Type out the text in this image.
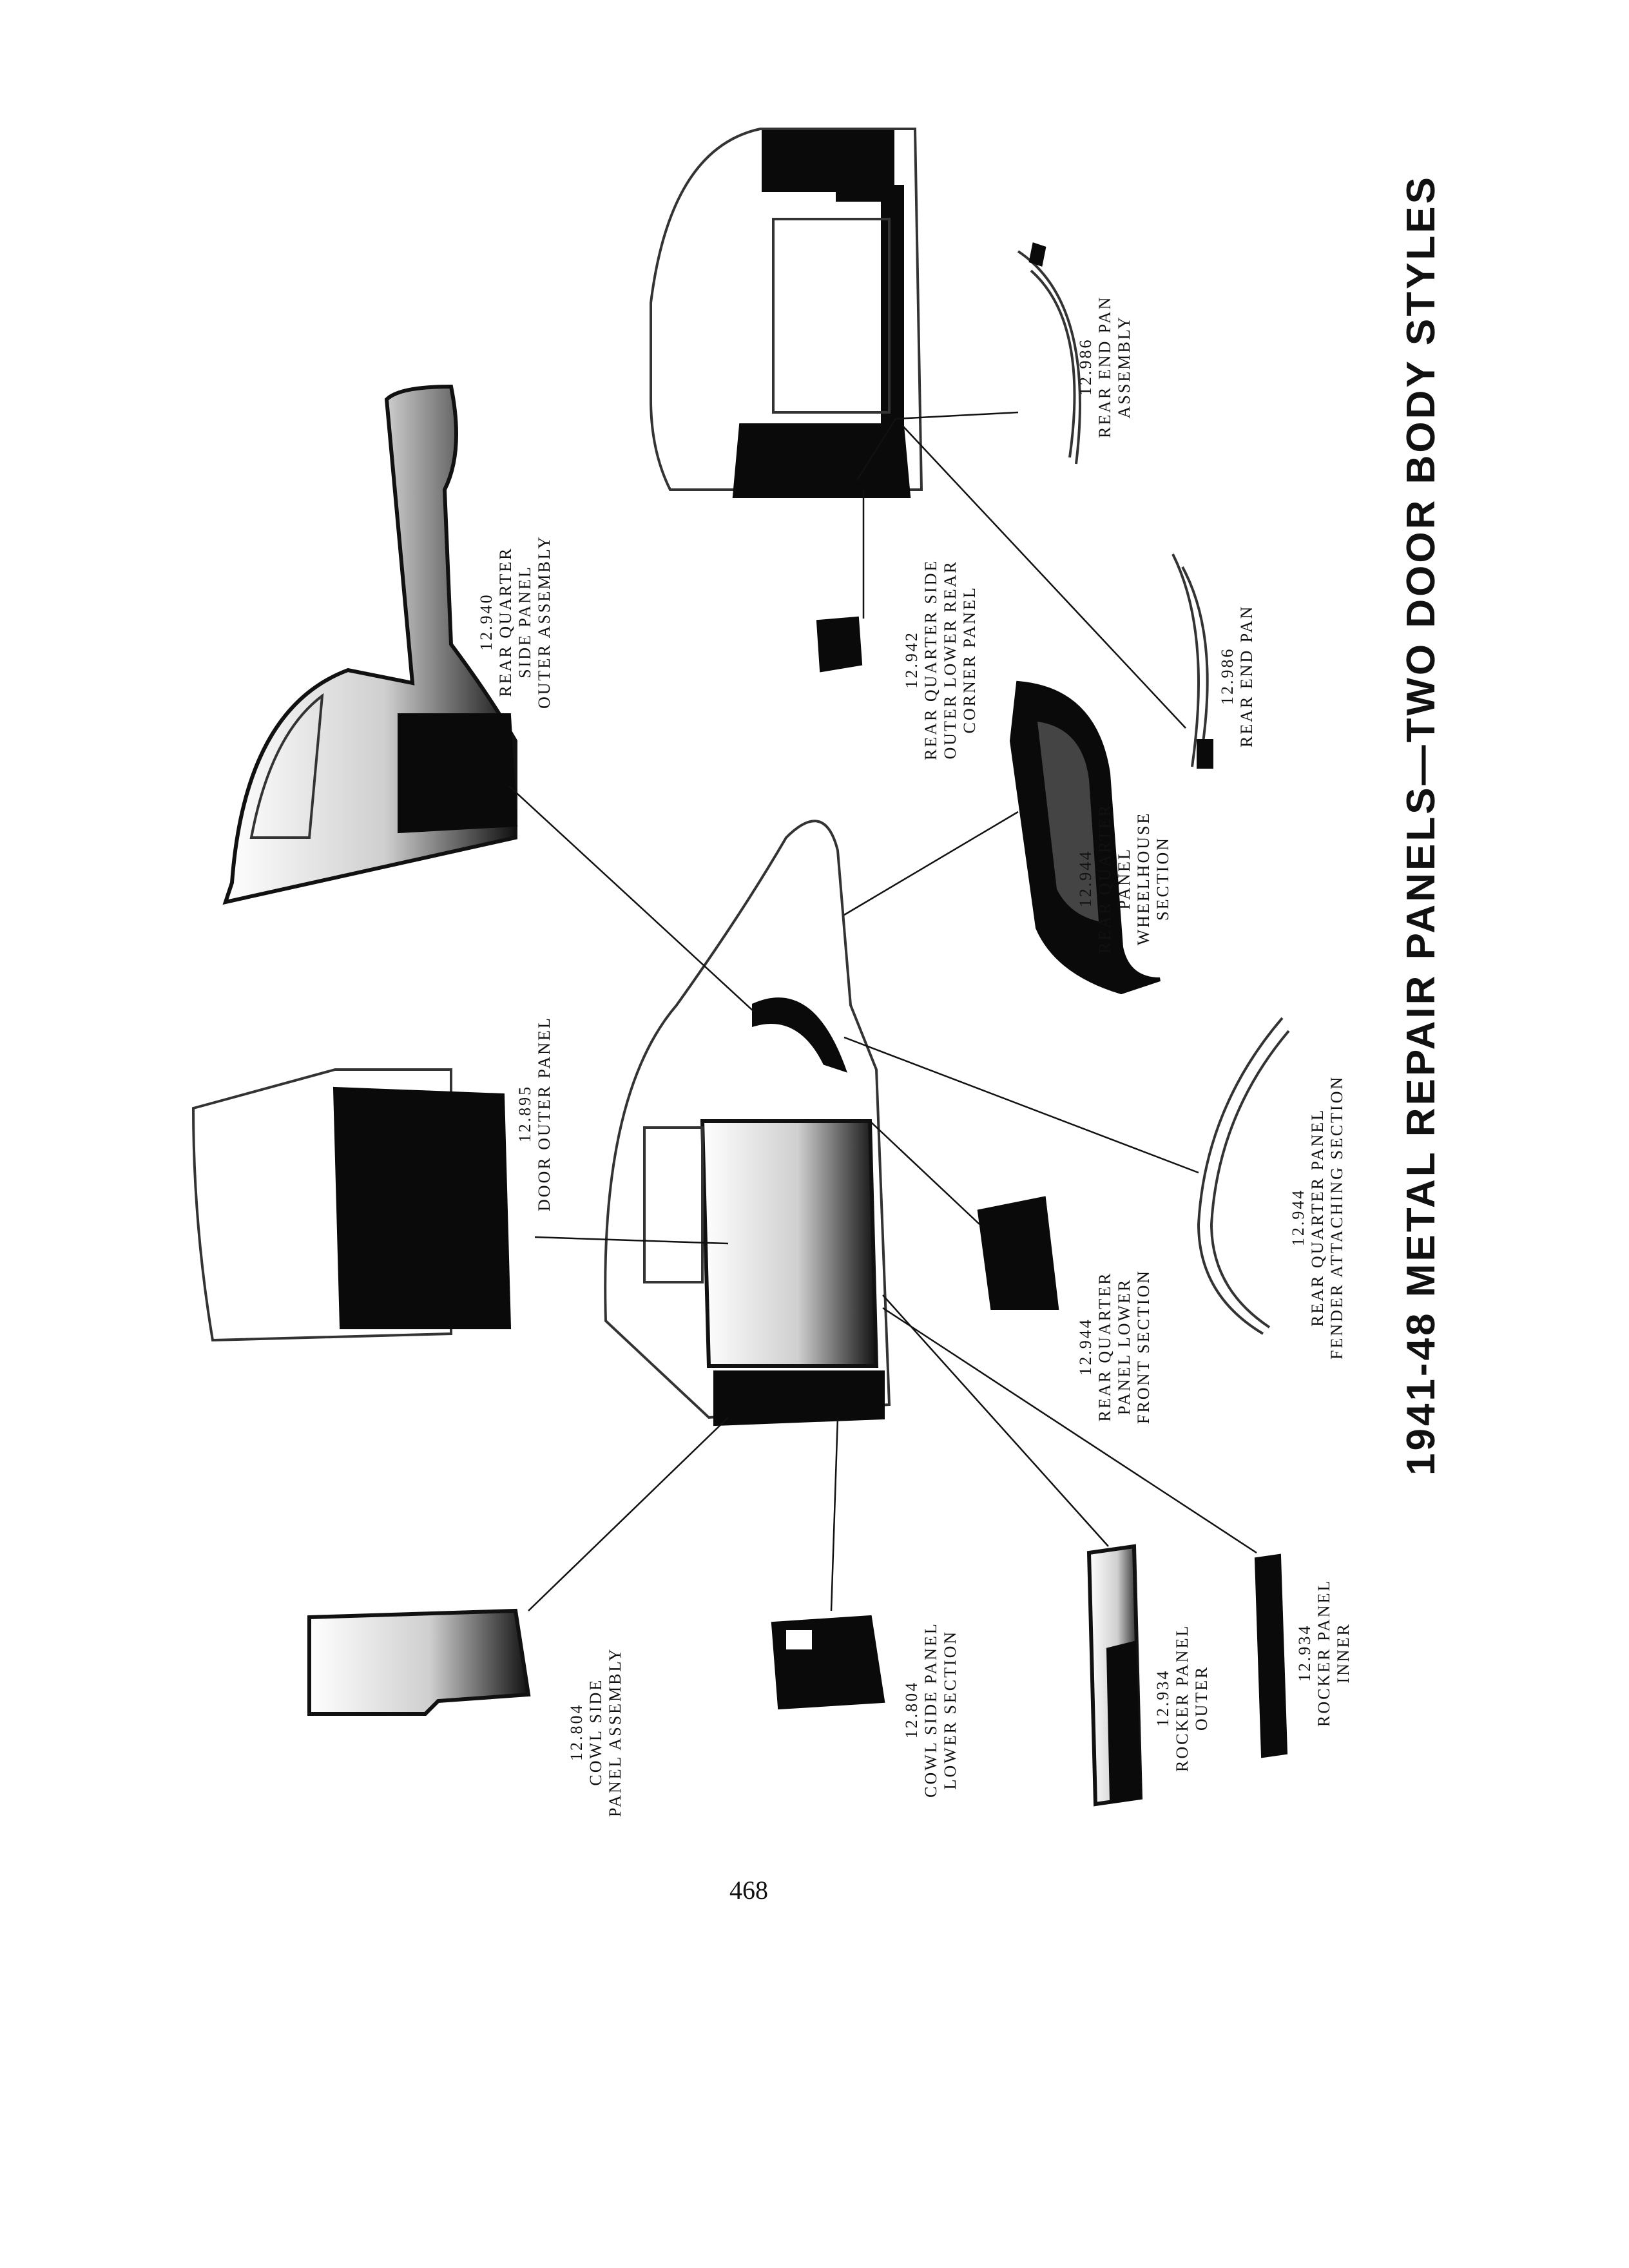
12.986 REAR END PAN ASSEMBLY
12.940 REAR QUARTER SIDE PANEL OUTER ASSEMBLY	12.942 REAR QUARTER SIDE OUTER LOWER REAR CORNER PANEL	12.986 REAR END PAN
12.944 REAR QUARTER PANEL WHEELHOUSE SECTION
12.895 DOOR OUTER PANEL
12.944 REAR QUARTER PANEL LOWER FRONT SECTION
12.944 REAR QUARTER PANEL FENDER ATTACHING SECTION 1941-48 METAL REPAIR PANELS—TWO DOOR BODY STYLES
12.804 COWL SIDE PANEL ASSEMBLY	12.804 COWL SIDE PANEL LOWER SECTION	12.934 ROCKER PANEL OUTER
12.934 ROCKER PANEL INNER
468
